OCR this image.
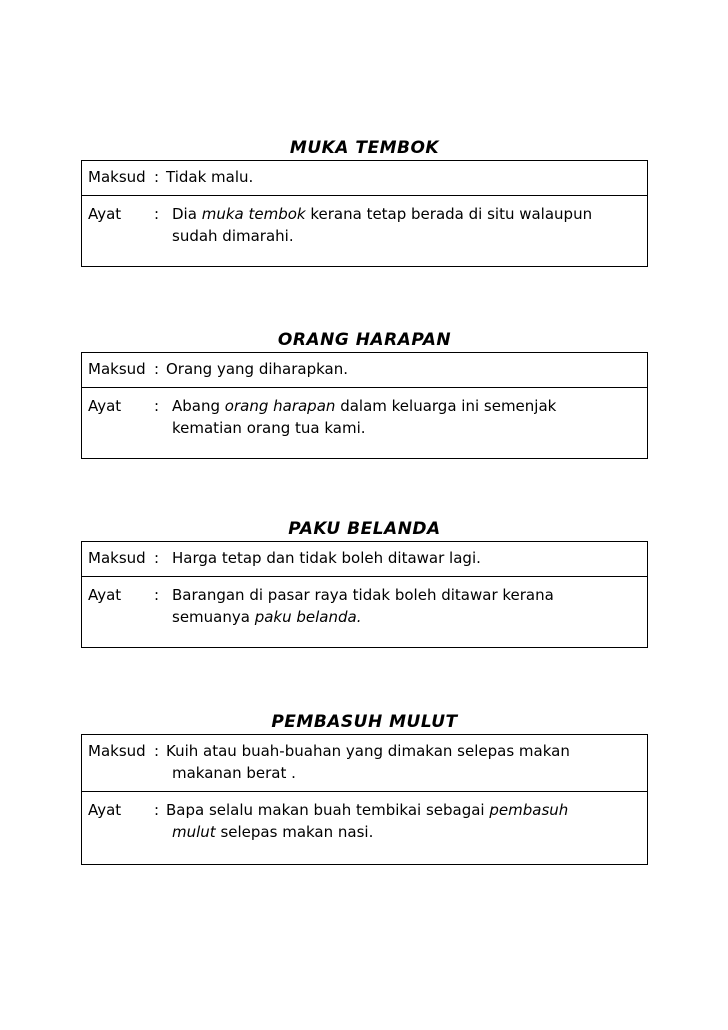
MUKA TEMBOK
Maksud : Tidak malu.
Ayat : Dia muka tembok kerana tetap berada di situ walaupun
sudah dimarahi.
ORANG HARAPAN
Maksud : Orang yang diharapkan.
Ayat : Abang orang harapan dalam keluarga ini semenjak
kematian orang tua kami.
PAKU BELANDA
Maksud : Harga tetap dan tidak boleh ditawar lagi.
Ayat : Barangan di pasar raya tidak boleh ditawar kerana
semuanya paku belanda.
PEMBASUH MULUT
Maksud : Kuih atau buah-buahan yang dimakan selepas makan
makanan berat .
Ayat : Bapa selalu makan buah tembikai sebagai pembasuh
mulut selepas makan nasi.
